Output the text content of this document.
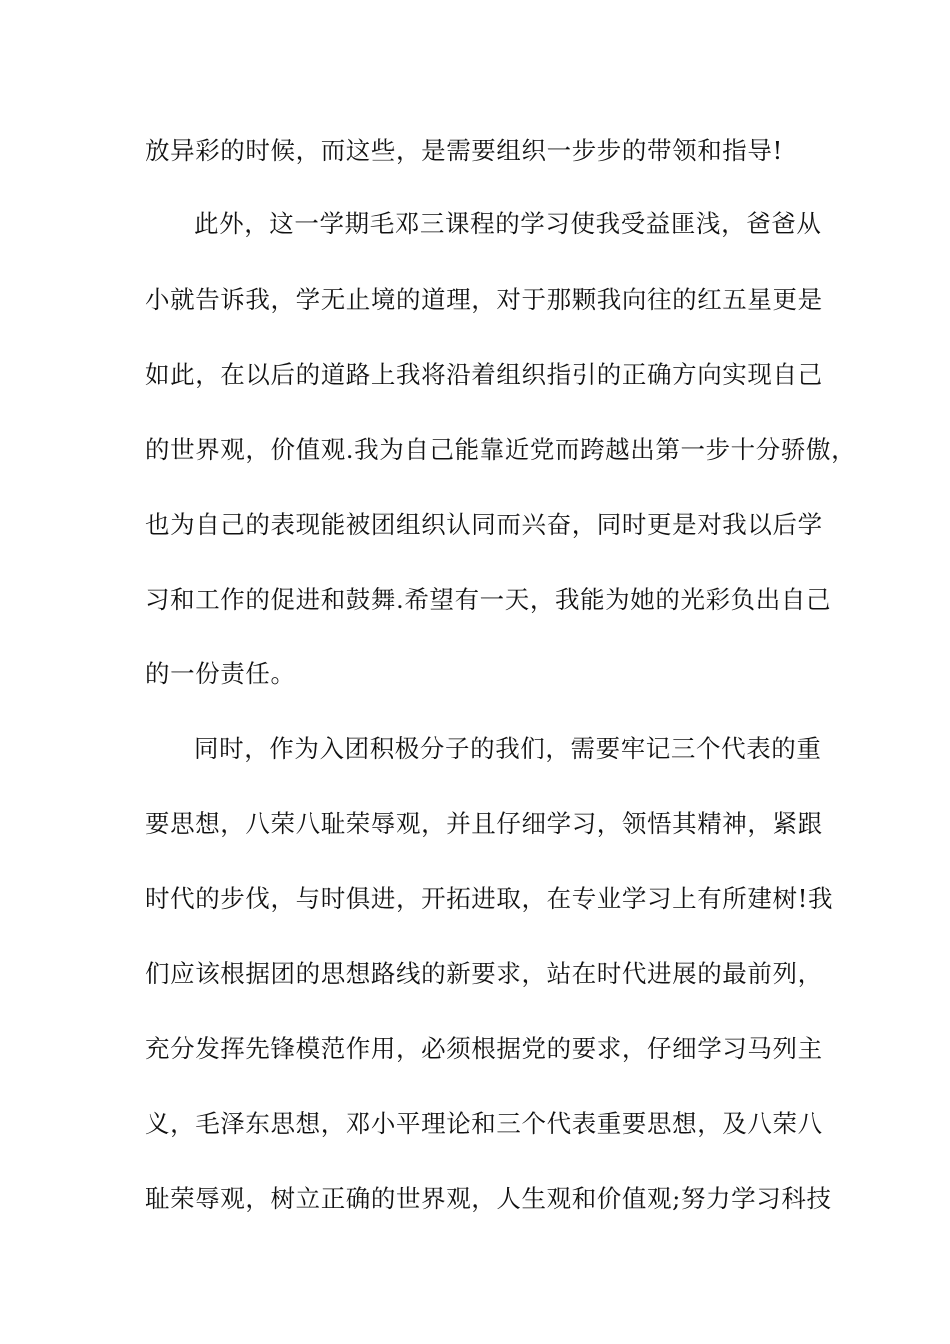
放异彩的时候，而这些，是需要组织一步步的带领和指导!
此外，这一学期毛邓三课程的学习使我受益匪浅，爸爸从
小就告诉我，学无止境的道理，对于那颗我向往的红五星更是
如此，在以后的道路上我将沿着组织指引的正确方向实现自己
的世界观，价值观.我为自己能靠近党而跨越出第一步十分骄傲，
也为自己的表现能被团组织认同而兴奋，同时更是对我以后学
习和工作的促进和鼓舞.希望有一天，我能为她的光彩负出自己
的一份责任。
同时，作为入团积极分子的我们，需要牢记三个代表的重
要思想，八荣八耻荣辱观，并且仔细学习，领悟其精神，紧跟
时代的步伐，与时俱进，开拓进取，在专业学习上有所建树!我
们应该根据团的思想路线的新要求，站在时代进展的最前列，
充分发挥先锋模范作用，必须根据党的要求，仔细学习马列主
义，毛泽东思想，邓小平理论和三个代表重要思想，及八荣八
耻荣辱观，树立正确的世界观，人生观和价值观;努力学习科技
